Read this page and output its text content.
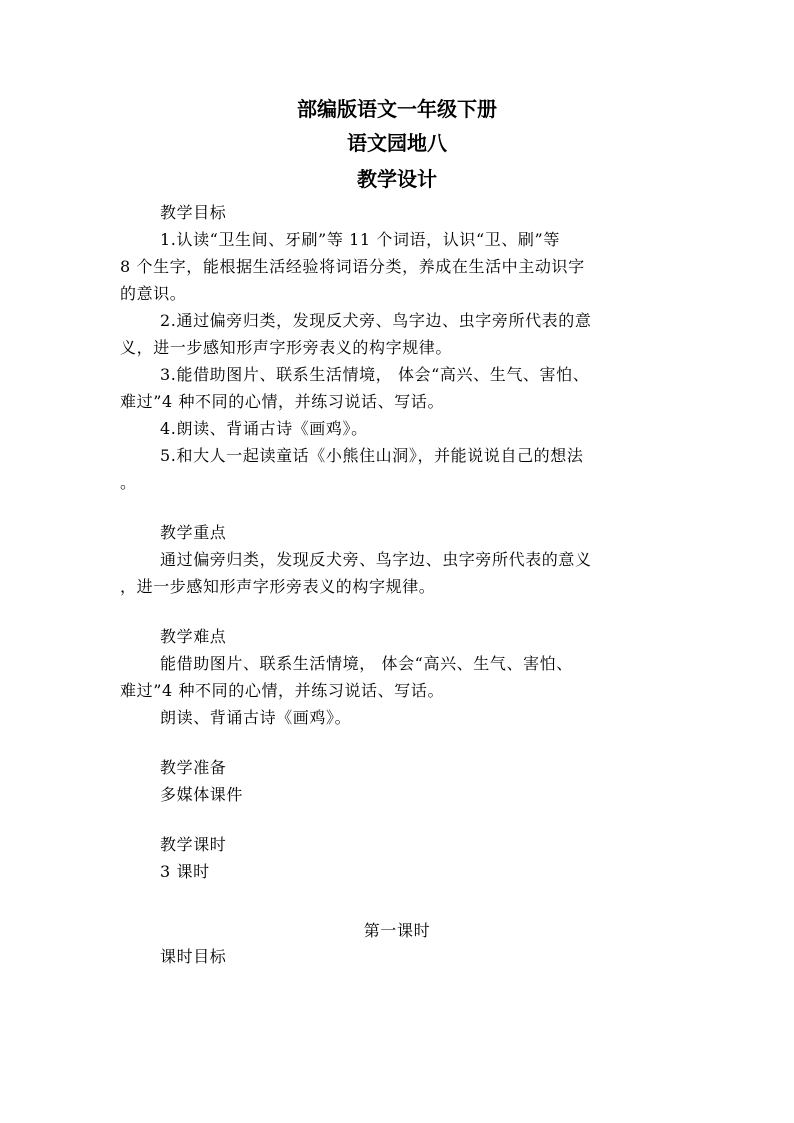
部编版语文一年级下册
语文园地八
教学设计
教学目标
1.认读“卫生间、牙刷”等 11 个词语，认识“卫、刷”等
8 个生字，能根据生活经验将词语分类，养成在生活中主动识字
的意识。
2.通过偏旁归类，发现反犬旁、鸟字边、虫字旁所代表的意
义，进一步感知形声字形旁表义的构字规律。
3.能借助图片、联系生活情境， 体会“高兴、生气、害怕、
难过”4 种不同的心情，并练习说话、写话。
4.朗读、背诵古诗《画鸡》。
5.和大人一起读童话《小熊住山洞》，并能说说自己的想法
。
教学重点
通过偏旁归类，发现反犬旁、鸟字边、虫字旁所代表的意义
，进一步感知形声字形旁表义的构字规律。
教学难点
能借助图片、联系生活情境， 体会“高兴、生气、害怕、
难过”4 种不同的心情，并练习说话、写话。
朗读、背诵古诗《画鸡》。
教学准备
多媒体课件
教学课时
3 课时
第一课时
课时目标
